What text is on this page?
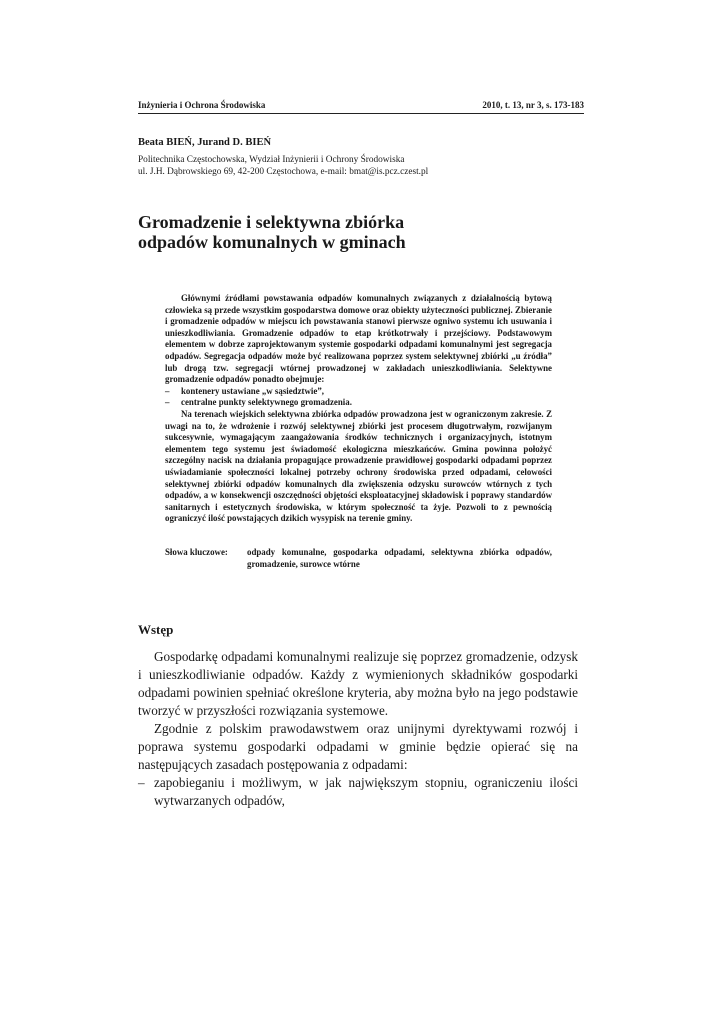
Inżynieria i Ochrona Środowiska	2010, t. 13, nr 3, s. 173-183
Beata BIEŃ, Jurand D. BIEŃ
Politechnika Częstochowska, Wydział Inżynierii i Ochrony Środowiska
ul. J.H. Dąbrowskiego 69, 42-200 Częstochowa, e-mail: bmat@is.pcz.czest.pl
Gromadzenie i selektywna zbiórka
odpadów komunalnych w gminach

Głównymi źródłami powstawania odpadów komunalnych związanych z działalnością bytową człowieka są przede wszystkim gospodarstwa domowe oraz obiekty użyteczności publicznej. Zbieranie i gromadzenie odpadów w miejscu ich powstawania stanowi pierwsze ogniwo systemu ich usuwania i unieszkodliwiania. Gromadzenie odpadów to etap krótkotrwały i przejściowy. Podstawowym elementem w dobrze zaprojektowanym systemie gospodarki odpadami komunalnymi jest segregacja odpadów. Segregacja odpadów może być realizowana poprzez system selektywnej zbiórki „u źródła” lub drogą tzw. segregacji wtórnej prowadzonej w zakładach unieszkodliwiania. Selektywne gromadzenie odpadów ponadto obejmuje:

– kontenery ustawiane „w sąsiedztwie”,
– centralne punkty selektywnego gromadzenia.

Na terenach wiejskich selektywna zbiórka odpadów prowadzona jest w ograniczonym zakresie. Z uwagi na to, że wdrożenie i rozwój selektywnej zbiórki jest procesem długotrwałym, rozwijanym sukcesywnie, wymagającym zaangażowania środków technicznych i organizacyjnych, istotnym elementem tego systemu jest świadomość ekologiczna mieszkańców. Gmina powinna położyć szczególny nacisk na działania propagujące prowadzenie prawidłowej gospodarki odpadami poprzez uświadamianie społeczności lokalnej potrzeby ochrony środowiska przed odpadami, celowości selektywnej zbiórki odpadów komunalnych dla zwiększenia odzysku surowców wtórnych z tych odpadów, a w konsekwencji oszczędności objętości eksploatacyjnej składowisk i poprawy standardów sanitarnych i estetycznych środowiska, w którym społeczność ta żyje. Pozwoli to z pewnością ograniczyć ilość powstających dzikich wysypisk na terenie gminy.

Słowa kluczowe:	odpady komunalne, gospodarka odpadami, selektywna zbiórka odpadów, gromadzenie, surowce wtórne
Wstęp

Gospodarkę odpadami komunalnymi realizuje się poprzez gromadzenie, odzysk i unieszkodliwianie odpadów. Każdy z wymienionych składników gospodarki odpadami powinien spełniać określone kryteria, aby można było na jego podstawie tworzyć w przyszłości rozwiązania systemowe.

Zgodnie z polskim prawodawstwem oraz unijnymi dyrektywami rozwój i poprawa systemu gospodarki odpadami w gminie będzie opierać się na następujących zasadach postępowania z odpadami:

– zapobieganiu i możliwym, w jak największym stopniu, ograniczeniu ilości wytwarzanych odpadów,
